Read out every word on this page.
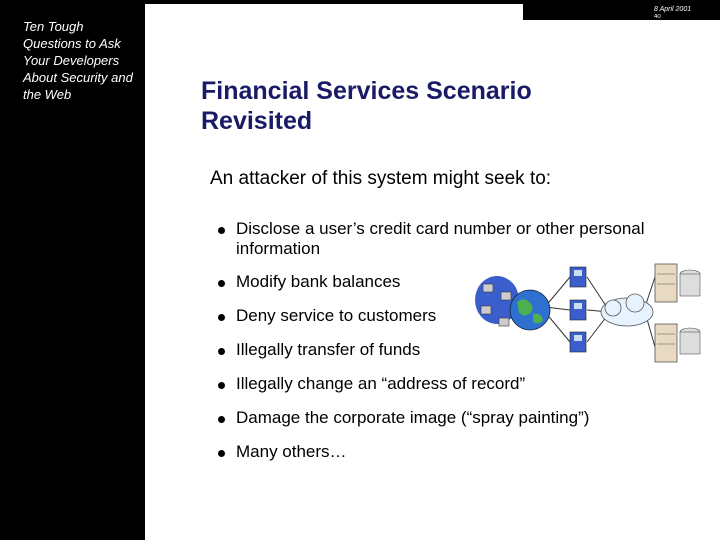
Ten Tough Questions to Ask Your Developers About Security and the Web
8 April 2001
40
Financial Services Scenario
Revisited
An attacker of this system might seek to:
Disclose a user’s credit card number or other personal information
Modify bank balances
Deny service to customers
Illegally transfer of funds
Illegally change an “address of record”
Damage the corporate image (“spray painting”)
Many others…
